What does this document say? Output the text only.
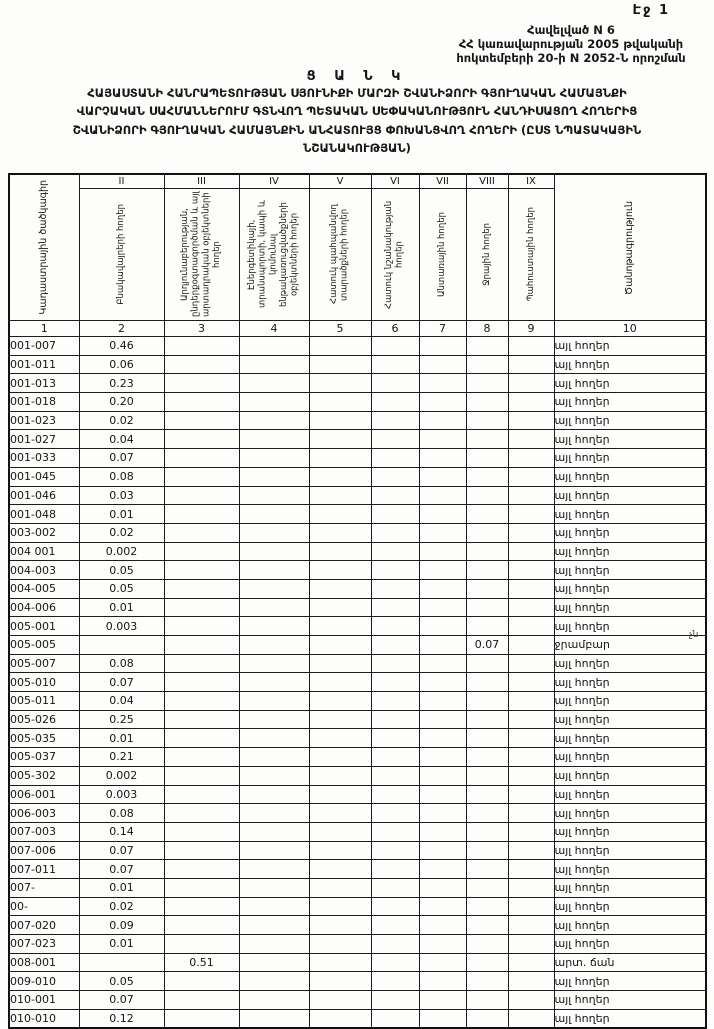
Էջ 1
Հավելված N 6
ՀՀ կառավարության 2005 թվականի
հոկտեմբերի 20-ի N 2052-Ն որոշման
Ց Ա Ն Կ
ՀԱՅԱՍՏԱՆԻ ՀԱՆՐԱՊԵՏՈՒԹՅԱՆ ՍՅՈՒՆԻՔԻ ՄԱՐԶԻ ՇՎԱՆԻՁՈՐԻ ԳՅՈՒՂԱԿԱՆ ՀԱՄԱՅՆՔԻ
ՎԱՐՉԱԿԱՆ ՍԱՀՄԱՆՆԵՐՈՒՄ ԳՏՆՎՈՂ ՊԵՏԱԿԱՆ ՍԵՓԱԿԱՆՈՒԹՅՈՒՆ ՀԱՆԴԻՍԱՑՈՂ ՀՈՂԵՐԻՑ
ՇՎԱՆԻՁՈՐԻ ԳՅՈՒՂԱԿԱՆ ՀԱՄԱՅՆՔԻՆ ԱՆՀԱՏՈՒՅՑ ՓՈԽԱՆՑՎՈՂ ՀՈՂԵՐԻ (ԸՍՏ ՆՊԱՏԱԿԱՅԻՆ
ՆՇԱՆԱԿՈՒԹՅԱՆ)
Կադաստրային ծածկագիր	II	III	IV	V	VI	VII	VIII	IX	Ծանոթագրություն

	Բնակավայրերի հողեր	Արդյունաբերության, ընդերքօգտագործման և այլ արտադրական օբյեկտների հողեր	Էներգետիկայի, տրանսպորտի, կապի և կոմունալ ենթակառուցվածքների օբյեկտների հողեր	Հատուկ պահպանվող տարածքների հողեր	Հատուկ նշանակության հողեր	Անտառային հողեր	Ջրային հողեր	Պահուստային հողեր	

1	2	3	4	5	6	7	8	9	10
001-007	0.46								այլ հողեր
001-011	0.06								այլ հողեր
001-013	0.23								այլ հողեր
001-018	0.20								այլ հողեր
001-023	0.02								այլ հողեր
001-027	0.04								այլ հողեր
001-033	0.07								այլ հողեր
001-045	0.08								այլ հողեր
001-046	0.03								այլ հողեր
001-048	0.01								այլ հողեր
003-002	0.02								այլ հողեր
004 001	0.002								այլ հողեր
004-003	0.05								այլ հողեր
004-005	0.05								այլ հողեր
004-006	0.01								այլ հողեր
005-001	0.003								այլ հողեր
005-005							0.07		ջրամբար
005-007	0.08								այլ հողեր
005-010	0.07								այլ հողեր
005-011	0.04								այլ հողեր
005-026	0.25								այլ հողեր
005-035	0.01								այլ հողեր
005-037	0.21								այլ հողեր
005-302	0.002								այլ հողեր
006-001	0.003								այլ հողեր
006-003	0.08								այլ հողեր
007-003	0.14								այլ հողեր
007-006	0.07								այլ հողեր
007-011	0.07								այլ հողեր
007-	0.01								այլ հողեր
00-	0.02								այլ հողեր
007-020	0.09								այլ հողեր
007-023	0.01								այլ հողեր
008-001		0.51							արտ. ճան
009-010	0.05								այլ հողեր
010-001	0.07								այլ հողեր
010-010	0.12								այլ հողեր
չն
